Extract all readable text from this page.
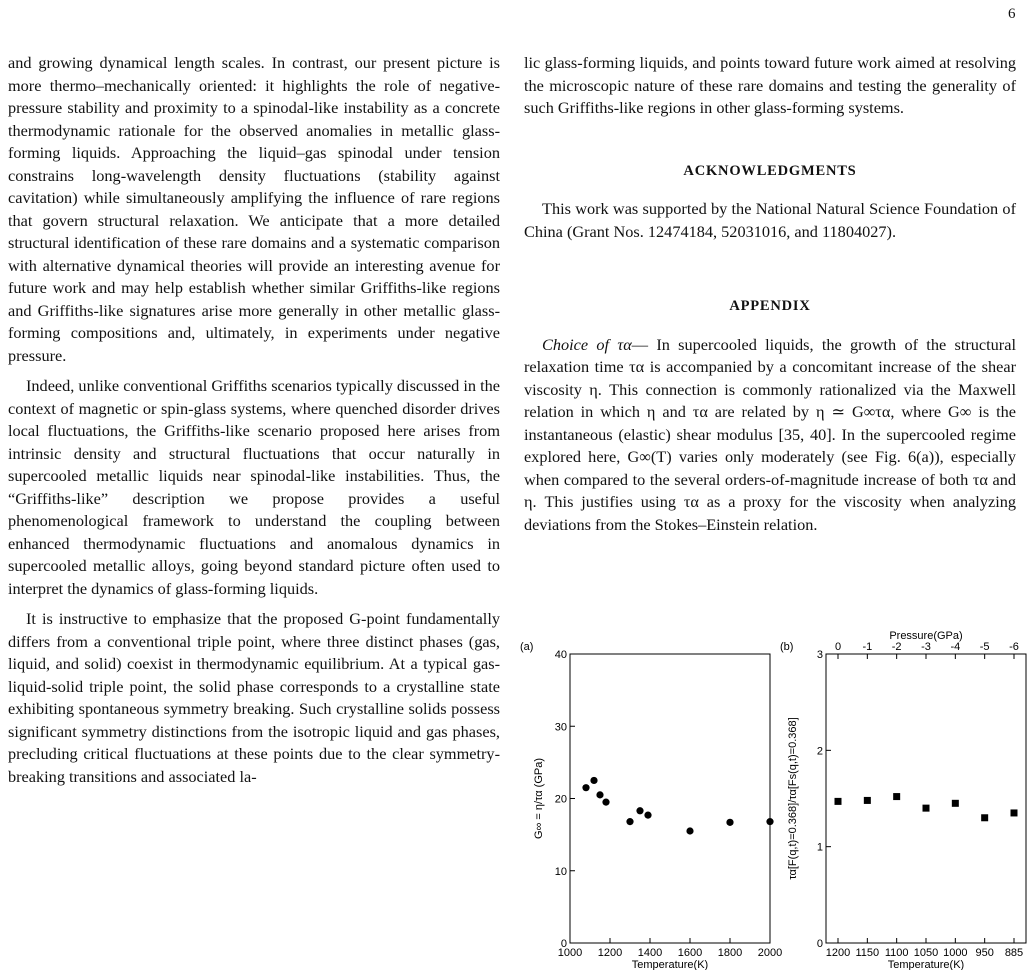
6

and growing dynamical length scales. In contrast, our present picture is more thermo–mechanically oriented: it highlights the role of negative-pressure stability and proximity to a spinodal-like instability as a concrete thermodynamic rationale for the observed anomalies in metallic glass-forming liquids. Approaching the liquid–gas spinodal under tension constrains long-wavelength density fluctuations (stability against cavitation) while simultaneously amplifying the influence of rare regions that govern structural relaxation. We anticipate that a more detailed structural identification of these rare domains and a systematic comparison with alternative dynamical theories will provide an interesting avenue for future work and may help establish whether similar Griffiths-like regions and Griffiths-like signatures arise more generally in other metallic glass-forming compositions and, ultimately, in experiments under negative pressure.

Indeed, unlike conventional Griffiths scenarios typically discussed in the context of magnetic or spin-glass systems, where quenched disorder drives local fluctuations, the Griffiths-like scenario proposed here arises from intrinsic density and structural fluctuations that occur naturally in supercooled metallic liquids near spinodal-like instabilities. Thus, the “Griffiths-like” description we propose provides a useful phenomenological framework to understand the coupling between enhanced thermodynamic fluctuations and anomalous dynamics in supercooled metallic alloys, going beyond standard picture often used to interpret the dynamics of glass-forming liquids.

It is instructive to emphasize that the proposed G-point fundamentally differs from a conventional triple point, where three distinct phases (gas, liquid, and solid) coexist in thermodynamic equilibrium. At a typical gas-liquid-solid triple point, the solid phase corresponds to a crystalline state exhibiting spontaneous symmetry breaking. Such crystalline solids possess significant symmetry distinctions from the isotropic liquid and gas phases, precluding critical fluctuations at these points due to the clear symmetry-breaking transitions and associated la-

lic glass-forming liquids, and points toward future work aimed at resolving the microscopic nature of these rare domains and testing the generality of such Griffiths-like regions in other glass-forming systems.

ACKNOWLEDGMENTS

This work was supported by the National Natural Science Foundation of China (Grant Nos. 12474184, 52031016, and 11804027).

APPENDIX

Choice of τα— In supercooled liquids, the growth of the structural relaxation time τα is accompanied by a concomitant increase of the shear viscosity η. This connection is commonly rationalized via the Maxwell relation in which η and τα are related by η ≃ G∞τα, where G∞ is the instantaneous (elastic) shear modulus [35, 40]. In the supercooled regime explored here, G∞(T) varies only moderately (see Fig. 6(a)), especially when compared to the several orders-of-magnitude increase of both τα and η. This justifies using τα as a proxy for the viscosity when analyzing deviations from the Stokes–Einstein relation.

(a)
0
10
20
30
40
1000 1200 1400 1600 1800 2000
Temperature(K)
G∞ = η/τα (GPa)
(b)
0
1
2
3
1200
0
1150
-1
1100
-2
1050
-3
1000
-4
950
-5
885
-6
Temperature(K)
Pressure(GPa)
τα[F(q,t)=0.368]/τα[Fs(q,t)=0.368]
